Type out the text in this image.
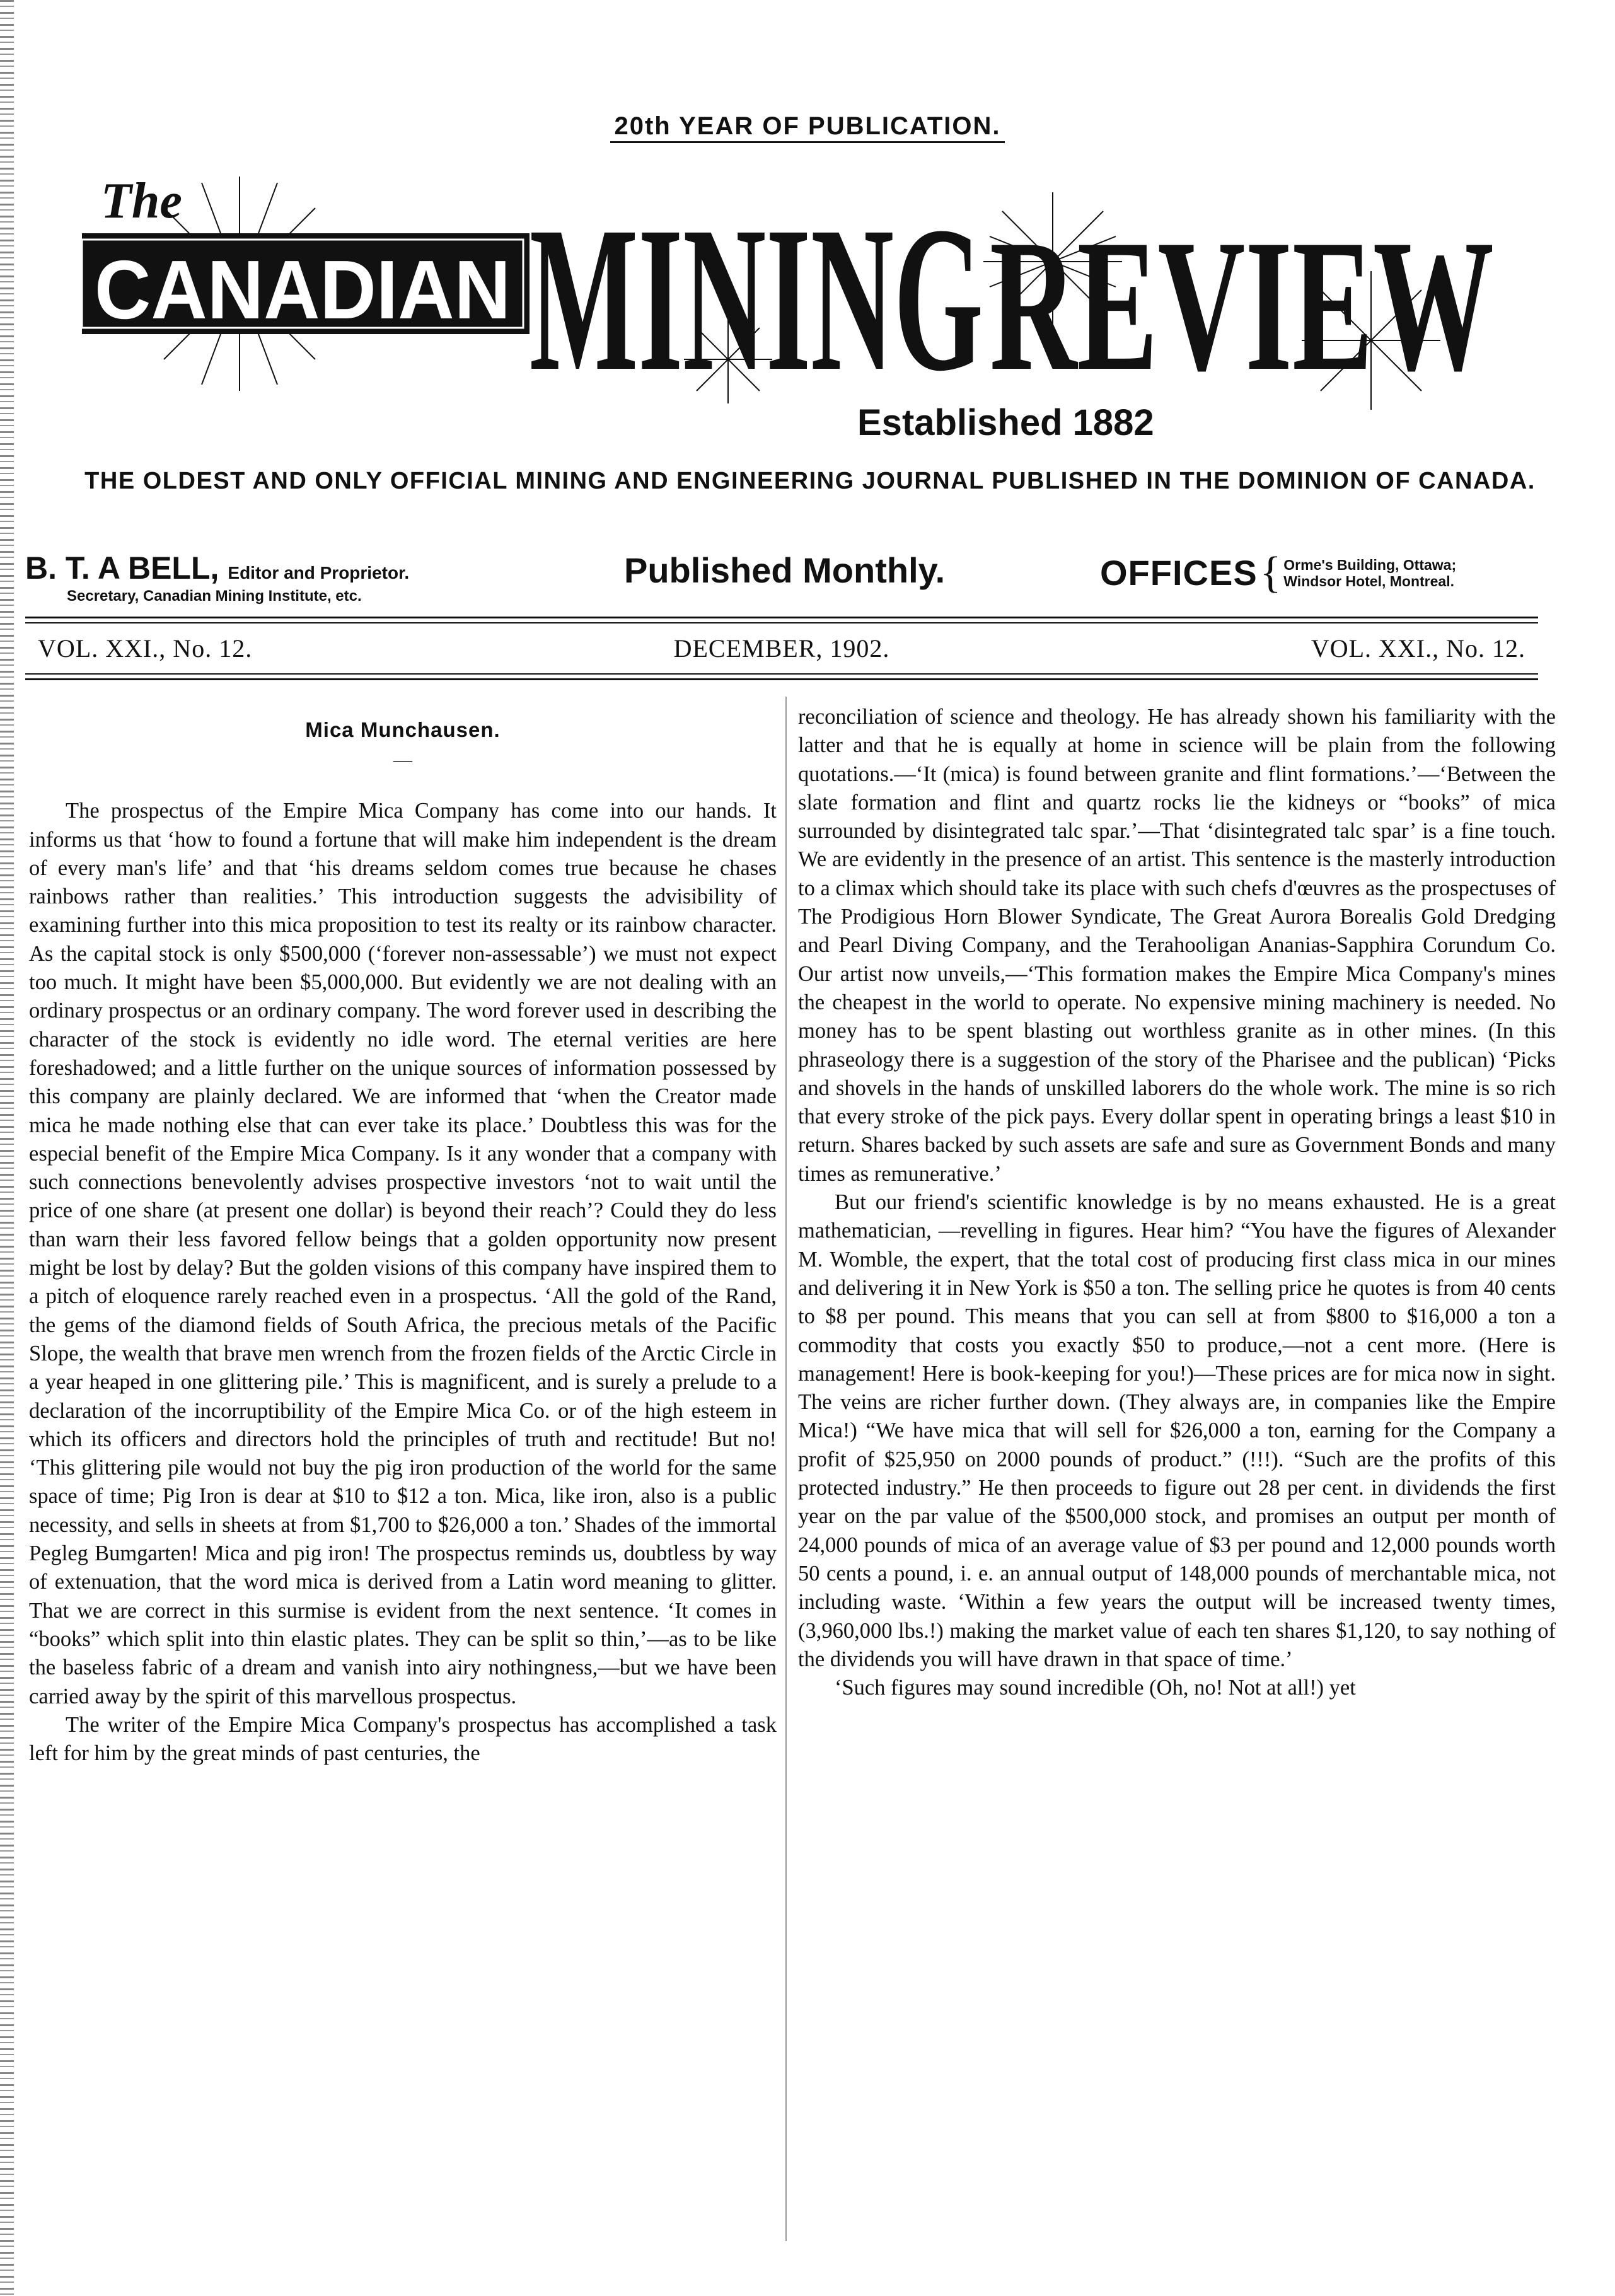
20th YEAR OF PUBLICATION.
CANADIAN
The MINING REVIEW
Established 1882
THE OLDEST AND ONLY OFFICIAL MINING AND ENGINEERING JOURNAL PUBLISHED IN THE DOMINION OF CANADA.
B. T. A BELL, Editor and Proprietor.
Secretary, Canadian Mining Institute, etc.
Published Monthly.	OFFICES { Orme's Building, Ottawa;
Windsor Hotel, Montreal.
VOL. XXI., No. 12.	DECEMBER, 1902.	VOL. XXI., No. 12.
Mica Munchausen.
—

The prospectus of the Empire Mica Company has come into our hands. It informs us that ‘how to found a fortune that will make him independent is the dream of every man's life’ and that ‘his dreams seldom comes true because he chases rainbows rather than realities.’ This introduction suggests the advisibility of examining further into this mica proposition to test its realty or its rainbow character. As the capital stock is only $500,000 (‘forever non-assessable’) we must not expect too much. It might have been $5,000,000. But evidently we are not dealing with an ordinary prospectus or an ordinary company. The word forever used in describing the character of the stock is evidently no idle word. The eternal verities are here foreshadowed; and a little further on the unique sources of information possessed by this company are plainly declared. We are informed that ‘when the Creator made mica he made nothing else that can ever take its place.’ Doubtless this was for the especial benefit of the Empire Mica Company. Is it any wonder that a company with such connections benevolently advises prospective investors ‘not to wait until the price of one share (at present one dollar) is beyond their reach’? Could they do less than warn their less favored fellow beings that a golden opportunity now present might be lost by delay? But the golden visions of this company have inspired them to a pitch of eloquence rarely reached even in a prospectus. ‘All the gold of the Rand, the gems of the diamond fields of South Africa, the precious metals of the Pacific Slope, the wealth that brave men wrench from the frozen fields of the Arctic Circle in a year heaped in one glittering pile.’ This is magnificent, and is surely a prelude to a declaration of the incorruptibility of the Empire Mica Co. or of the high esteem in which its officers and directors hold the principles of truth and rectitude! But no! ‘This glittering pile would not buy the pig iron production of the world for the same space of time; Pig Iron is dear at $10 to $12 a ton. Mica, like iron, also is a public necessity, and sells in sheets at from $1,700 to $26,000 a ton.’ Shades of the immortal Pegleg Bumgarten! Mica and pig iron! The prospectus reminds us, doubtless by way of extenuation, that the word mica is derived from a Latin word meaning to glitter. That we are correct in this surmise is evident from the next sentence. ‘It comes in “books” which split into thin elastic plates. They can be split so thin,’—as to be like the baseless fabric of a dream and vanish into airy nothingness,—but we have been carried away by the spirit of this marvellous prospectus.

The writer of the Empire Mica Company's prospectus has accomplished a task left for him by the great minds of past centuries, the

reconciliation of science and theology. He has already shown his familiarity with the latter and that he is equally at home in science will be plain from the following quotations.—‘It (mica) is found between granite and flint formations.’—‘Between the slate formation and flint and quartz rocks lie the kidneys or “books” of mica surrounded by disintegrated talc spar.’—That ‘disintegrated talc spar’ is a fine touch. We are evidently in the presence of an artist. This sentence is the masterly introduction to a climax which should take its place with such chefs d'œuvres as the prospectuses of The Prodigious Horn Blower Syndicate, The Great Aurora Borealis Gold Dredging and Pearl Diving Company, and the Terahooligan Ananias-Sapphira Corundum Co. Our artist now unveils,—‘This formation makes the Empire Mica Company's mines the cheapest in the world to operate. No expensive mining machinery is needed. No money has to be spent blasting out worthless granite as in other mines. (In this phraseology there is a suggestion of the story of the Pharisee and the publican) ‘Picks and shovels in the hands of unskilled laborers do the whole work. The mine is so rich that every stroke of the pick pays. Every dollar spent in operating brings a least $10 in return. Shares backed by such assets are safe and sure as Government Bonds and many times as remunerative.’

But our friend's scientific knowledge is by no means exhausted. He is a great mathematician, —revelling in figures. Hear him? “You have the figures of Alexander M. Womble, the expert, that the total cost of producing first class mica in our mines and delivering it in New York is $50 a ton. The selling price he quotes is from 40 cents to $8 per pound. This means that you can sell at from $800 to $16,000 a ton a commodity that costs you exactly $50 to produce,—not a cent more. (Here is management! Here is book-keeping for you!)—These prices are for mica now in sight. The veins are richer further down. (They always are, in companies like the Empire Mica!) “We have mica that will sell for $26,000 a ton, earning for the Company a profit of $25,950 on 2000 pounds of product.” (!!!). “Such are the profits of this protected industry.” He then proceeds to figure out 28 per cent. in dividends the first year on the par value of the $500,000 stock, and promises an output per month of 24,000 pounds of mica of an average value of $3 per pound and 12,000 pounds worth 50 cents a pound, i. e. an annual output of 148,000 pounds of merchantable mica, not including waste. ‘Within a few years the output will be increased twenty times, (3,960,000 lbs.!) making the market value of each ten shares $1,120, to say nothing of the dividends you will have drawn in that space of time.’

‘Such figures may sound incredible (Oh, no! Not at all!) yet
